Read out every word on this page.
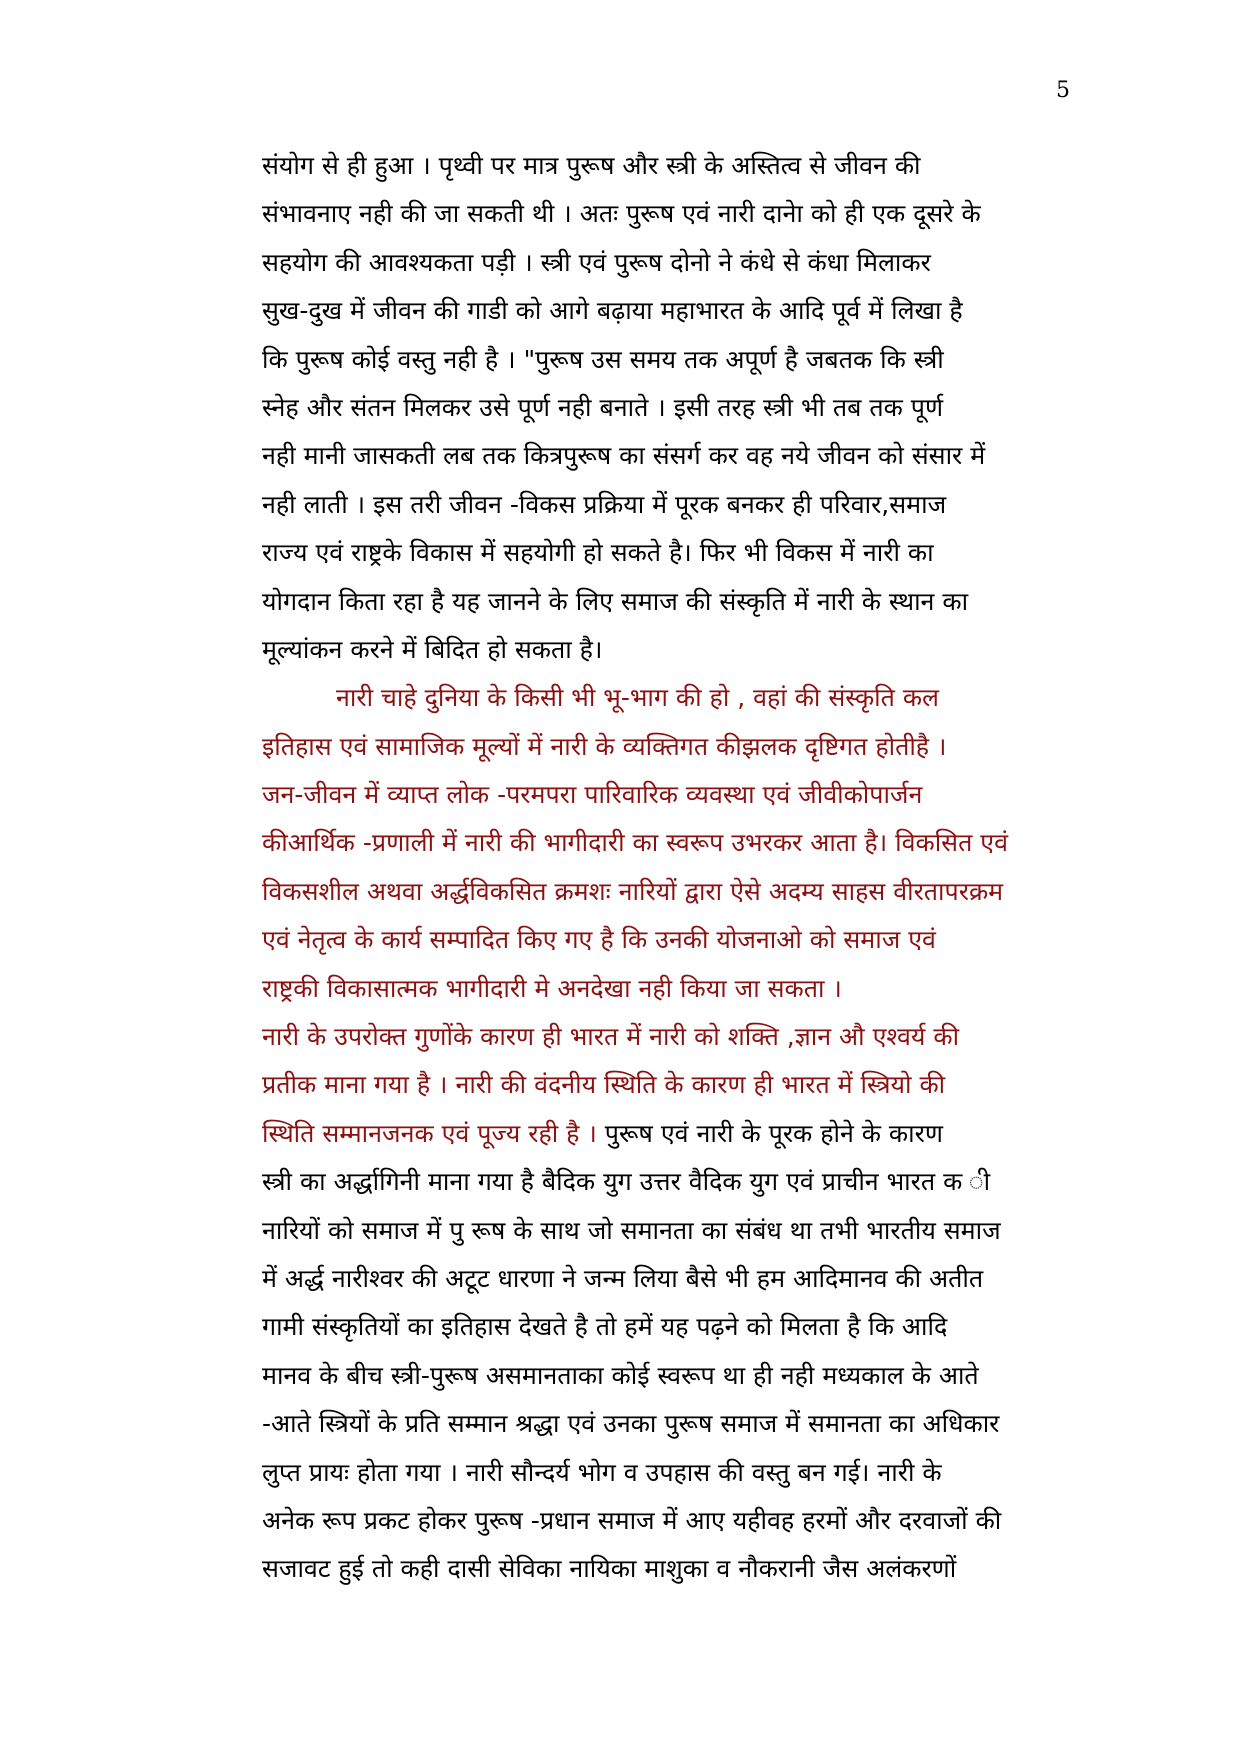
5
संयोग से ही हुआ । पृथ्वी पर मात्र पुरूष और स्त्री के अस्तित्व से जीवन की
संभावनाए नही की जा सकती थी । अतः पुरूष एवं नारी दानेा को ही एक दूसरे के
सहयोग की आवश्यकता पड़ी । स्त्री एवं पुरूष दोनो ने कंधे से कंधा मिलाकर
सुख-दुख में जीवन की गाडी को आगे बढ़ाया महाभारत के आदि पूर्व में लिखा है
कि पुरूष कोई वस्तु नही है । "पुरूष उस समय तक अपूर्ण है जबतक कि स्त्री
स्नेह और संतन मिलकर उसे पूर्ण नही बनाते । इसी तरह स्त्री भी तब तक पूर्ण
नही मानी जासकती लब तक कित्रपुरूष का संसर्ग कर वह नये जीवन को संसार में
नही लाती । इस तरी जीवन -विकस प्रक्रिया में पूरक बनकर ही परिवार,समाज
राज्य एवं राष्ट्रके विकास में सहयोगी हो सकते है। फिर भी विकस में नारी का
योगदान किता रहा है यह जानने के लिए समाज की संस्कृति में नारी के स्थान का
मूल्यांकन करने में बिदित हो सकता है।
नारी चाहे दुनिया के किसी भी भू-भाग की हो , वहां की संस्कृति कल
इतिहास एवं सामाजिक मूल्यों में नारी के व्यक्तिगत कीझलक दृष्टिगत होतीहै ।
जन-जीवन में व्याप्त लोक -परमपरा पारिवारिक व्यवस्था एवं जीवीकोपार्जन
कीआर्थिक -प्रणाली में नारी की भागीदारी का स्वरूप उभरकर आता है। विकसित एवं
विकसशील अथवा अर्द्धविकसित क्रमशः नारियों द्वारा ऐसे अदम्य साहस वीरतापरक्रम
एवं नेतृत्व के कार्य सम्पादित किए गए है कि उनकी योजनाओ को समाज एवं
राष्ट्रकी विकासात्मक भागीदारी मे अनदेखा नही किया जा सकता ।
नारी के उपरोक्त गुणोंके कारण ही भारत में नारी को शक्ति ,ज्ञान औ एश्वर्य की
प्रतीक माना गया है । नारी की वंदनीय स्थिति के कारण ही भारत में स्त्रियो की
स्थिति सम्मानजनक एवं पूज्य रही है । पुरूष एवं नारी के पूरक होने के कारण
स्त्री का अर्द्धागिनी माना गया है बैदिक युग उत्तर वैदिक युग एवं प्राचीन भारत क ी
नारियों को समाज में पु रूष के साथ जो समानता का संबंध था तभी भारतीय समाज
में अर्द्ध नारीश्वर की अटूट धारणा ने जन्म लिया बैसे भी हम आदिमानव की अतीत
गामी संस्कृतियों का इतिहास देखते है तो हमें यह पढ़ने को मिलता है कि आदि
मानव के बीच स्त्री-पुरूष असमानताका कोई स्वरूप था ही नही मध्यकाल के आते
-आते स्त्रियों के प्रति सम्मान श्रद्धा एवं उनका पुरूष समाज में समानता का अधिकार
लुप्त प्रायः होता गया । नारी सौन्दर्य भोग व उपहास की वस्तु बन गई। नारी के
अनेक रूप प्रकट होकर पुरूष -प्रधान समाज में आए यहीवह हरमों और दरवाजों की
सजावट हुई तो कही दासी सेविका नायिका माशुका व नौकरानी जैस अलंकरणों
